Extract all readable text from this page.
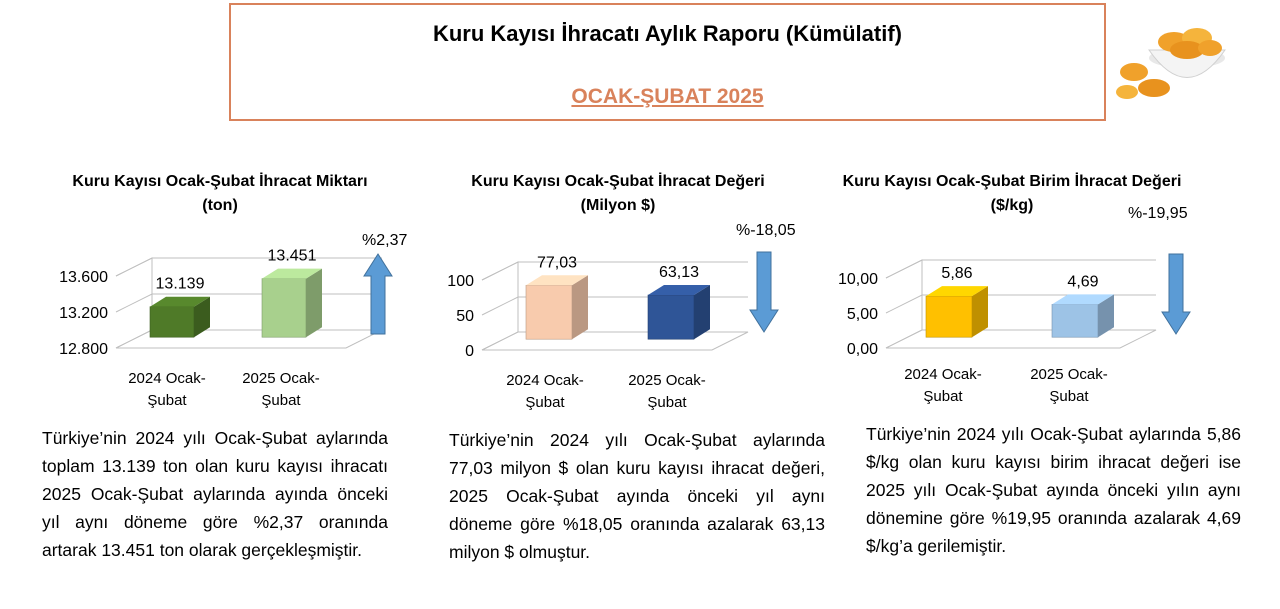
Kuru Kayısı İhracatı Aylık Raporu (Kümülatif)
OCAK-ŞUBAT 2025
Kuru Kayısı Ocak-Şubat İhracat Miktarı
(ton)
12.800
13.200
13.600	13.139
13.451
%2,37
2024 Ocak-
Şubat
2025 Ocak-
Şubat
Kuru Kayısı Ocak-Şubat İhracat Değeri
(Milyon $)
0
50
100
77,03
63,13
%-18,05
2024 Ocak-
Şubat
2025 Ocak-
Şubat
Kuru Kayısı Ocak-Şubat Birim İhracat Değeri
($/kg)
0,00
5,00
10,00	5,86	4,69
%-19,95
2024 Ocak-
Şubat
2025 Ocak-
Şubat
Türkiye’nin 2024 yılı Ocak-Şubat aylarında toplam 13.139 ton olan kuru kayısı ihracatı 2025 Ocak-Şubat aylarında ayında önceki yıl aynı döneme göre %2,37 oranında artarak 13.451 ton olarak gerçekleşmiştir.
Türkiye’nin 2024 yılı Ocak-Şubat aylarında 77,03 milyon $ olan kuru kayısı ihracat değeri, 2025 Ocak-Şubat ayında önceki yıl aynı döneme göre %18,05 oranında azalarak 63,13 milyon $ olmuştur.
Türkiye’nin 2024 yılı Ocak-Şubat aylarında 5,86 $/kg olan kuru kayısı birim ihracat değeri ise 2025 yılı Ocak-Şubat ayında önceki yılın aynı dönemine göre %19,95 oranında azalarak 4,69 $/kg’a gerilemiştir.
